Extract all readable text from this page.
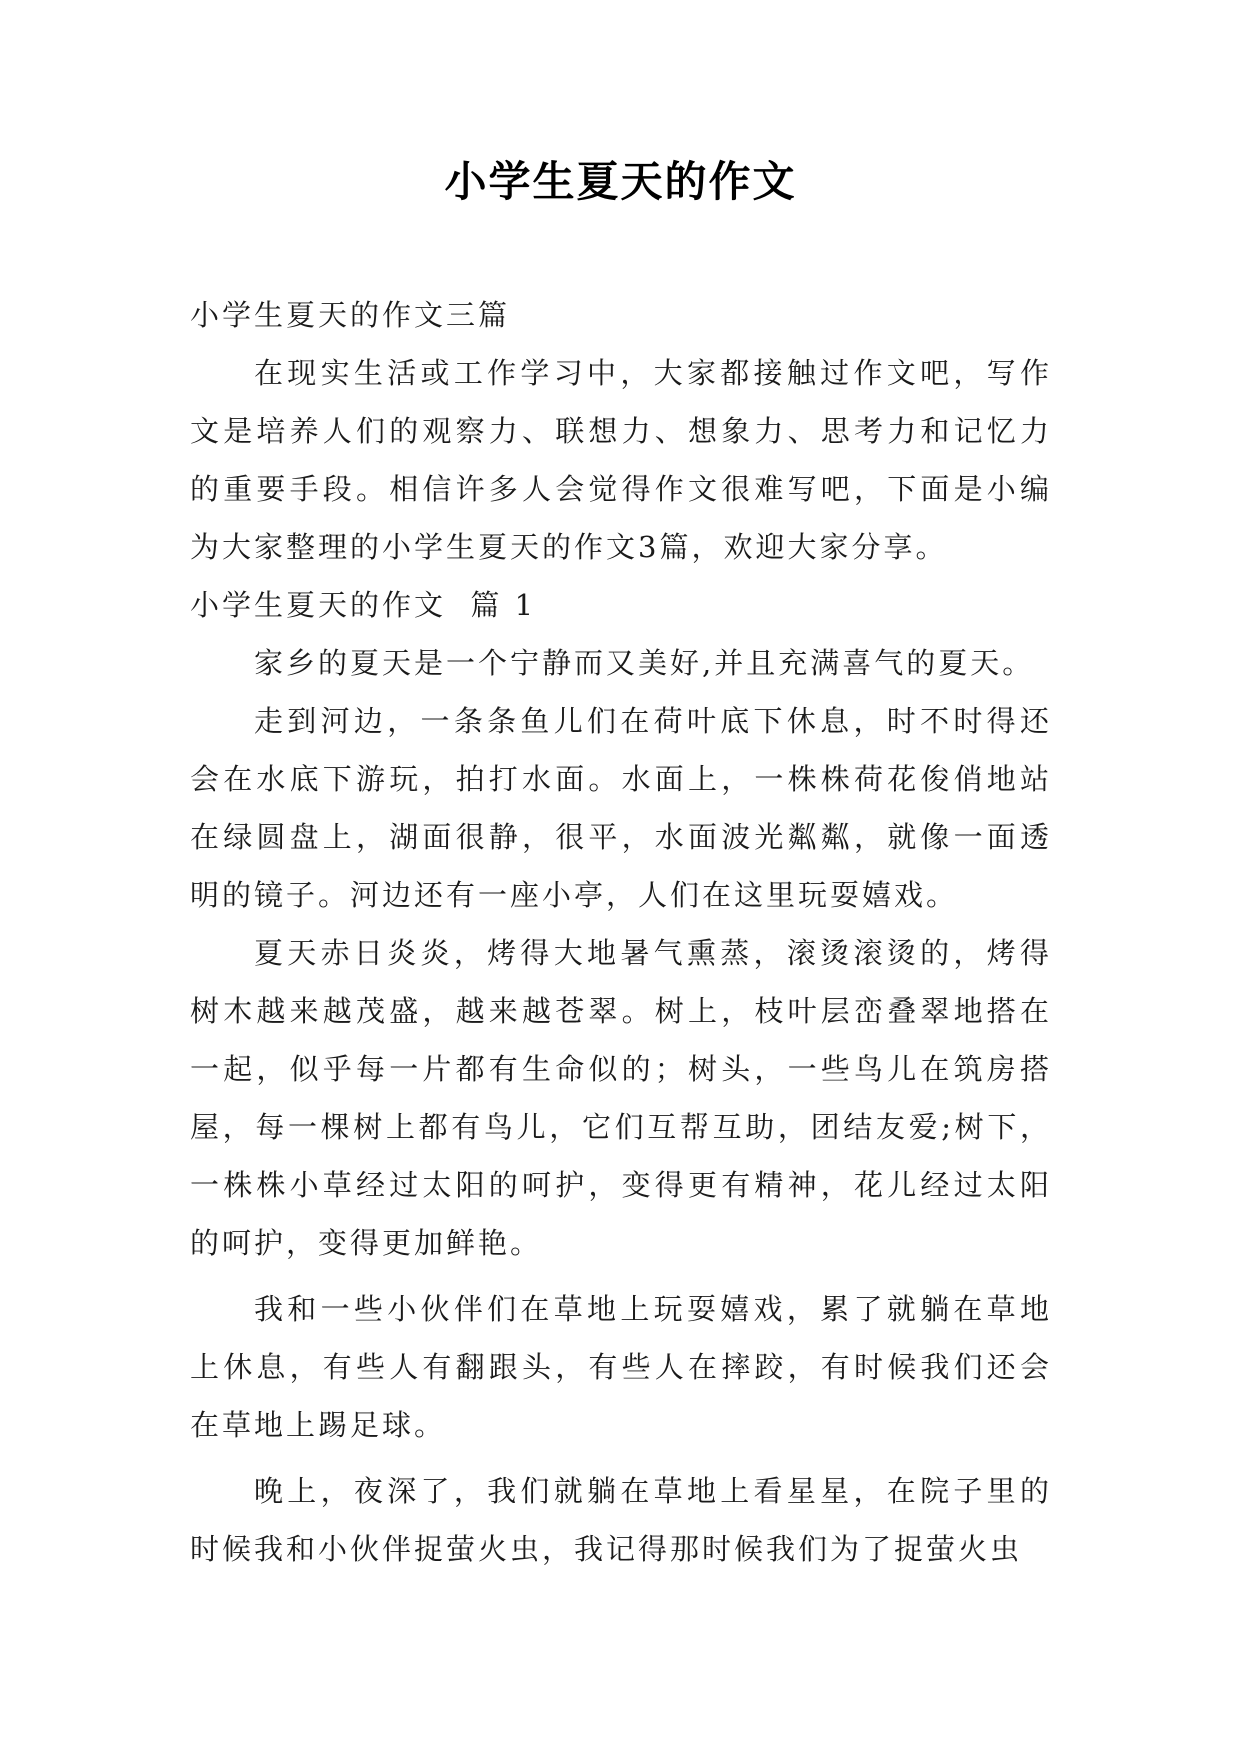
小学生夏天的作文

小学生夏天的作文三篇

在现实生活或工作学习中，大家都接触过作文吧，写作文是培养人们的观察力、联想力、想象力、思考力和记忆力的重要手段。相信许多人会觉得作文很难写吧，下面是小编为大家整理的小学生夏天的作文3篇，欢迎大家分享。

小学生夏天的作文  篇 1

家乡的夏天是一个宁静而又美好,并且充满喜气的夏天。

走到河边，一条条鱼儿们在荷叶底下休息，时不时得还会在水底下游玩，拍打水面。水面上，一株株荷花俊俏地站在绿圆盘上，湖面很静，很平，水面波光粼粼，就像一面透明的镜子。河边还有一座小亭，人们在这里玩耍嬉戏。

夏天赤日炎炎，烤得大地暑气熏蒸，滚烫滚烫的，烤得树木越来越茂盛，越来越苍翠。树上，枝叶层峦叠翠地搭在一起，似乎每一片都有生命似的；树头，一些鸟儿在筑房搭屋，每一棵树上都有鸟儿，它们互帮互助，团结友爱;树下，一株株小草经过太阳的呵护，变得更有精神，花儿经过太阳的呵护，变得更加鲜艳。

我和一些小伙伴们在草地上玩耍嬉戏，累了就躺在草地上休息，有些人有翻跟头，有些人在摔跤，有时候我们还会在草地上踢足球。

晚上，夜深了，我们就躺在草地上看星星，在院子里的时候我和小伙伴捉萤火虫，我记得那时候我们为了捉萤火虫
